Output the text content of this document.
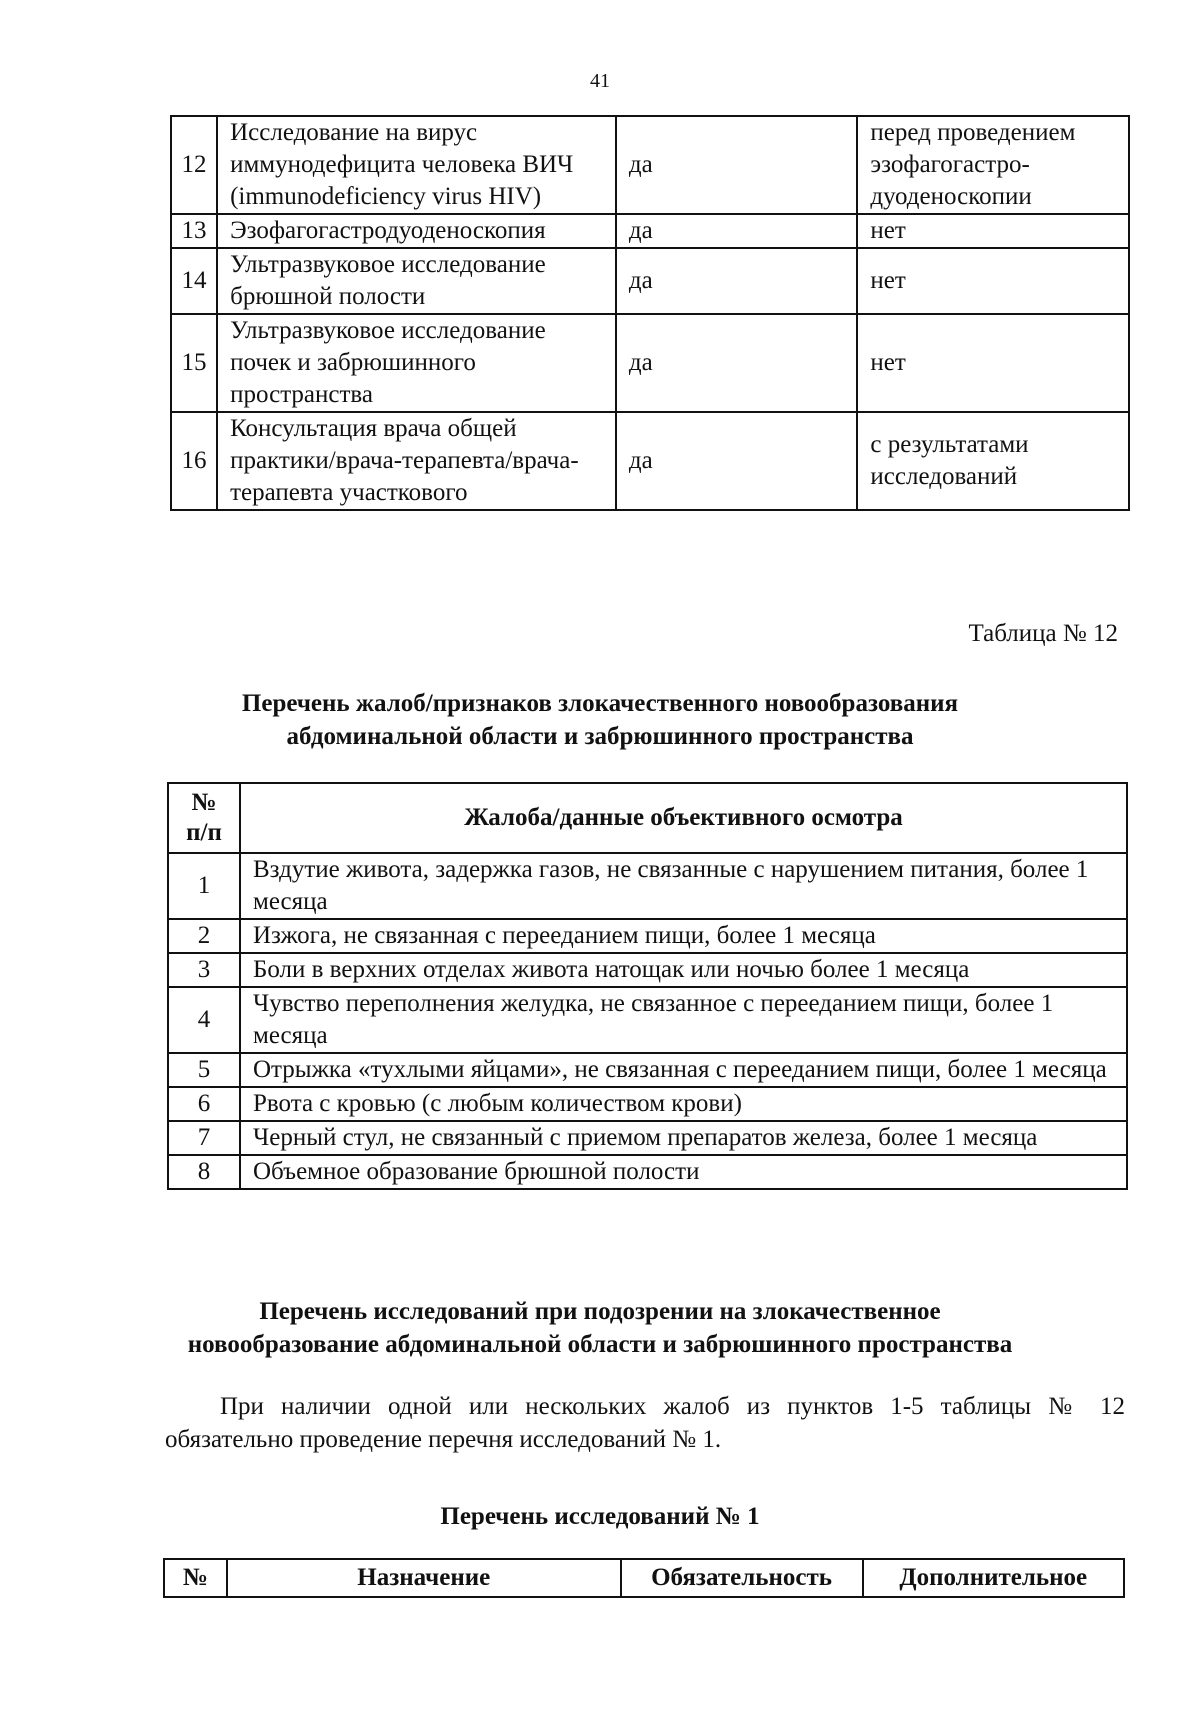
41
12	Исследование на вирус иммунодефицита человека ВИЧ (immunodeficiency virus HIV)	да	перед проведением эзофагогастро-дуоденоскопии
13	Эзофагогастродуоденоскопия	да	нет
14	Ультразвуковое исследование брюшной полости	да	нет
15	Ультразвуковое исследование почек и забрюшинного пространства	да	нет
16	Консультация врача общей практики/врача-терапевта/врача-терапевта участкового	да	с результатами исследований
Таблица № 12
Перечень жалоб/признаков злокачественного новообразования
абдоминальной области и забрюшинного пространства
№
п/п	Жалоба/данные объективного осмотра
1	Вздутие живота, задержка газов, не связанные с нарушением питания, более 1 месяца
2	Изжога, не связанная с перееданием пищи, более 1 месяца
3	Боли в верхних отделах живота натощак или ночью более 1 месяца
4	Чувство переполнения желудка, не связанное с перееданием пищи, более 1 месяца
5	Отрыжка «тухлыми яйцами», не связанная с перееданием пищи, более 1 месяца
6	Рвота с кровью (с любым количеством крови)
7	Черный стул, не связанный с приемом препаратов железа, более 1 месяца
8	Объемное образование брюшной полости
Перечень исследований при подозрении на злокачественное
новообразование абдоминальной области и забрюшинного пространства
При наличии одной или нескольких жалоб из пунктов 1-5 таблицы № 12 обязательно проведение перечня исследований № 1.
Перечень исследований № 1
№	Назначение	Обязательность	Дополнительное
